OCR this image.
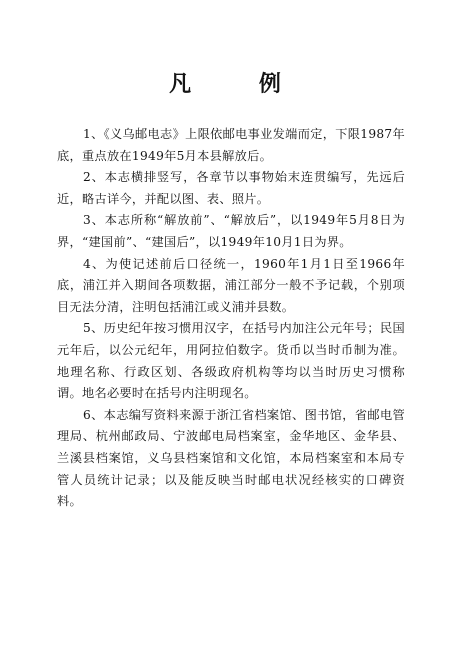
凡 例

1、《义乌邮电志》上限依邮电事业发端而定，下限1987年底，重点放在1949年5月本县解放后。

2、本志横排竖写，各章节以事物始末连贯编写，先远后近，略古详今，并配以图、表、照片。

3、本志所称“解放前”、“解放后”，以1949年5月8日为界，“建国前”、“建国后”，以1949年10月1日为界。

4、为使记述前后口径统一，1960年1月1日至1966年底，浦江并入期间各项数据，浦江部分一般不予记载，个别项目无法分清，注明包括浦江或义浦并县数。

5、历史纪年按习惯用汉字，在括号内加注公元年号；民国元年后，以公元纪年，用阿拉伯数字。货币以当时币制为准。地理名称、行政区划、各级政府机构等均以当时历史习惯称谓。地名必要时在括号内注明现名。

6、本志编写资料来源于浙江省档案馆、图书馆，省邮电管理局、杭州邮政局、宁波邮电局档案室，金华地区、金华县、兰溪县档案馆，义乌县档案馆和文化馆，本局档案室和本局专管人员统计记录；以及能反映当时邮电状况经核实的口碑资料。
